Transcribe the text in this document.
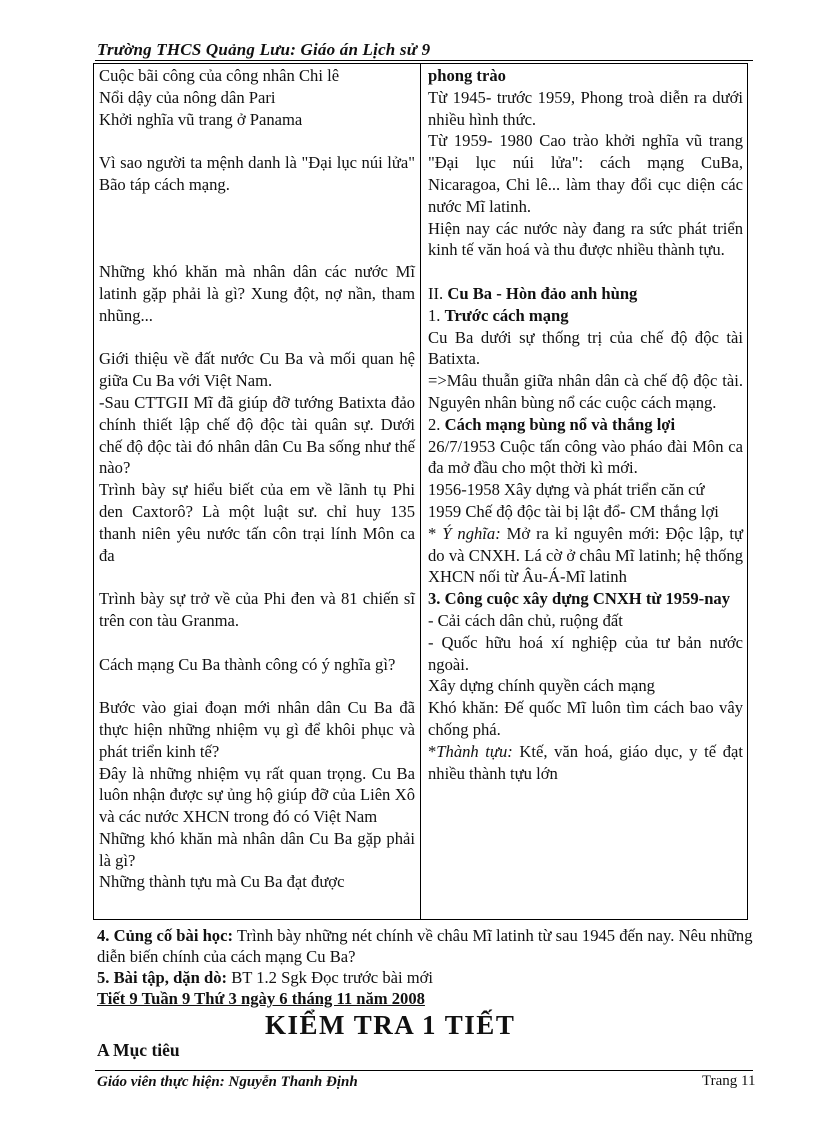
Trường THCS Quảng Lưu: Giáo án Lịch sử 9

Cuộc bãi công của công nhân Chi lê

Nổi dậy của nông dân Pari

Khởi nghĩa vũ trang ở Panama

Vì sao người ta mệnh danh là "Đại lục núi lửa" Bão táp cách mạng.

Những khó khăn mà nhân dân các nước Mĩ latinh gặp phải là gì? Xung đột, nợ nần, tham nhũng...

Giới thiệu về đất nước Cu Ba và mối quan hệ giữa Cu Ba với Việt Nam.

-Sau CTTGII Mĩ đã giúp đỡ tướng Batixta đảo chính thiết lập chế độ độc tài quân sự. Dưới chế độ độc tài đó nhân dân Cu Ba sống như thế nào?

Trình bày sự hiểu biết của em về lãnh tụ Phi den Caxtorô? Là một luật sư. chỉ huy 135 thanh niên yêu nước tấn côn trại lính Môn ca đa

Trình bày sự trở về của Phi đen và 81 chiến sĩ trên con tàu Granma.

Cách mạng Cu Ba thành công có ý nghĩa gì?

Bước vào giai đoạn mới nhân dân Cu Ba đã thực hiện những nhiệm vụ gì để khôi phục và phát triển kinh tế?

Đây là những nhiệm vụ rất quan trọng. Cu Ba luôn nhận được sự ủng hộ giúp đỡ của Liên Xô và các nước XHCN trong đó có Việt Nam

Những khó khăn mà nhân dân Cu Ba gặp phải là gì?

Những thành tựu mà Cu Ba đạt được

phong trào

Từ 1945- trước 1959, Phong troà diễn ra dưới nhiều hình thức.

Từ 1959- 1980 Cao trào khởi nghĩa vũ trang "Đại lục núi lửa": cách mạng CuBa, Nicaragoa, Chi lê... làm thay đổi cục diện các nước Mĩ latinh.

Hiện nay các nước này đang ra sức phát triển kinh tế văn hoá và thu được nhiều thành tựu.

II. Cu Ba - Hòn đảo anh hùng

1. Trước cách mạng

Cu Ba dưới sự thống trị của chế độ độc tài Batixta.

=>Mâu thuẫn giữa nhân dân cà chế độ độc tài. Nguyên nhân bùng nổ các cuộc cách mạng.

2. Cách mạng bùng nổ và thắng lợi

26/7/1953 Cuộc tấn công vào pháo đài Môn ca đa mở đầu cho một thời kì mới.

1956-1958 Xây dựng và phát triển căn cứ

1959 Chế độ độc tài bị lật đổ- CM thắng lợi

* Ý nghĩa: Mở ra kỉ nguyên mới: Độc lập, tự do và CNXH. Lá cờ ở châu Mĩ latinh; hệ thống XHCN nối từ Âu-Á-Mĩ latinh

3. Công cuộc xây dựng CNXH từ 1959-nay

- Cải cách dân chủ, ruộng đất

- Quốc hữu hoá xí nghiệp của tư bản nước ngoài.

Xây dựng chính quyền cách mạng

Khó khăn: Đế quốc Mĩ luôn tìm cách bao vây chống phá.

*Thành tựu: Ktế, văn hoá, giáo dục, y tế đạt nhiều thành tựu lớn

4. Củng cố bài học: Trình bày những nét chính về châu Mĩ latinh từ sau 1945 đến nay. Nêu những diễn biến chính của cách mạng Cu Ba?

5. Bài tập, dặn dò: BT 1.2 Sgk Đọc trước bài mới

Tiết 9 Tuần 9 Thứ 3 ngày 6 tháng 11 năm 2008

KIỂM TRA 1 TIẾT
A Mục tiêu
Giáo viên thực hiện: Nguyễn Thanh Định	Trang 11
